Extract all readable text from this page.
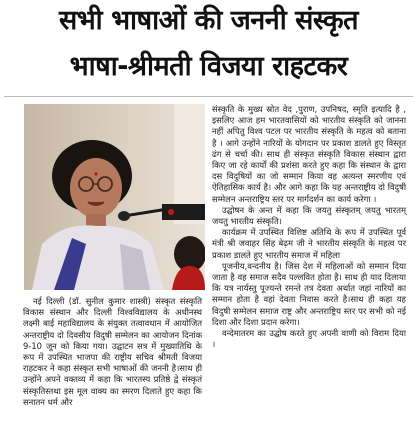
सभी भाषाओं की जननी संस्कृत
भाषा-श्रीमती विजया राहटकर

नई दिल्ली (डॉ. सुनील कुमार शास्त्री) संस्कृत संस्कृति विकास संस्थान और दिल्ली विश्वविद्यालय के अधीनस्थ लक्ष्मी बाई महाविद्यालय के संयुक्त तत्वावधान में आयोजित अन्तराष्ट्रीय दो दिवसीय विदुषी सम्मेलन का आयोजन दिनांक 9-10 जून को किया गया। उद्घाटन सत्र में मुख्यातिथि के रूप में उपस्थित भाजपा की राष्ट्रीय सचिव श्रीमती विजया राहटकर ने कहा संस्कृत सभी भाषाओं की जननी है।साथ ही उन्होंने अपने वक्तव्य में कहा कि भारतस्य प्रतिष्ठे द्वे संस्कृतं संस्कृतिस्तथा इस मूल वाक्य का स्मरण दिलाते हुए कहा कि सनातन धर्म और

संस्कृति के मुख्य स्रोत वेद ,पुराण, उपनिषद, स्मृति इत्यादि है , इसलिए आज हम भारतवासियों को भारतीय संस्कृति को जानना नहीं अपितु विश्व पटल पर भारतीय संस्कृति के महत्व को बताना है । आगे उन्होंने नारियों के योगदान पर प्रकाश डालते हुए विस्तृत ढंग से चर्चा की। साथ ही संस्कृत संस्कृति विकास संस्थान द्वारा किए जा रहे कार्यों की प्रशंसा करते हुए कहा कि संस्थान के द्वारा दस विदुषियों का जो सम्मान किया वह अत्यन्त स्मरणीय एवं ऐतिहासिक कार्य है। और आगे कहा कि यह अन्तराष्ट्रीय दो विदुषी सम्मेलन अन्तराष्ट्रिय स्तर पर मार्गदर्शन का कार्य करेगा ।

उद्घोषन के अन्त में कहा कि जयतु संस्कृतम् जयतु भारतम् जयतु भारतीय संस्कृति।

कार्यक्रम में उपस्थित विशिष्ट अतिथि के रूप में उपस्थित पूर्व मंत्री श्री जवाहर सिंह बेढ़म जी ने भारतीय संस्कृति के महत्व पर प्रकाश डालते हुए भारतीय समाज में महिला

पूजनीय,वन्दनीय है। जिस देश में महिलाओं को सम्मान दिया जाता है वह समाज सदैव पल्लवित होता है। साथ ही याद दिलाया कि यत्र नार्यस्तु पूज्यन्ते रमन्ते तत्र देवता अर्थात जहां नारियों का सम्मान होता है वहां देवता निवास करते है।साथ ही कहा यह विदुषी सम्मेलन समाज राष्ट्र और अन्तराष्ट्रिय स्तर पर सभी को नई दिशा और दिशा प्रदान करेगा।

वन्देमातरम का उद्घोष करते हुए अपनी वाणी को विराम दिया ।
